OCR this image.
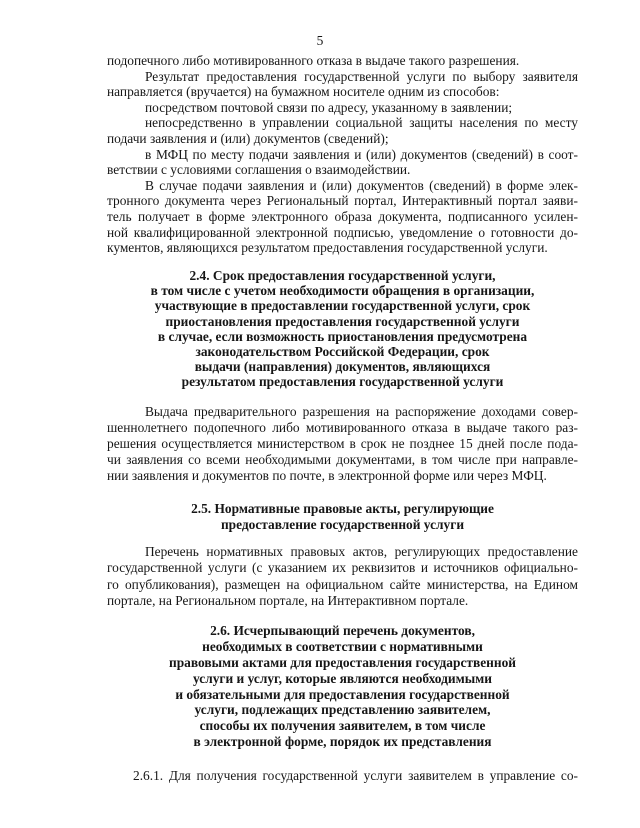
5
подопечного либо мотивированного отказа в выдаче такого разрешения.
Результат предоставления государственной услуги по выбору заявителя
направляется (вручается) на бумажном носителе одним из способов:
посредством почтовой связи по адресу, указанному в заявлении;
непосредственно в управлении социальной защиты населения по месту
подачи заявления и (или) документов (сведений);
в МФЦ по месту подачи заявления и (или) документов (сведений) в соот-
ветствии с условиями соглашения о взаимодействии.
В случае подачи заявления и (или) документов (сведений) в форме элек-
тронного документа через Региональный портал, Интерактивный портал заяви-
тель получает в форме электронного образа документа, подписанного усилен-
ной квалифицированной электронной подписью, уведомление о готовности до-
кументов, являющихся результатом предоставления государственной услуги.
2.4. Срок предоставления государственной услуги,
в том числе с учетом необходимости обращения в организации,
участвующие в предоставлении государственной услуги, срок
приостановления предоставления государственной услуги
в случае, если возможность приостановления предусмотрена
законодательством Российской Федерации, срок
выдачи (направления) документов, являющихся
результатом предоставления государственной услуги
Выдача предварительного разрешения на распоряжение доходами совер-
шеннолетнего подопечного либо мотивированного отказа в выдаче такого раз-
решения осуществляется министерством в срок не позднее 15 дней после пода-
чи заявления со всеми необходимыми документами, в том числе при направле-
нии заявления и документов по почте, в электронной форме или через МФЦ.
2.5. Нормативные правовые акты, регулирующие
предоставление государственной услуги
Перечень нормативных правовых актов, регулирующих предоставление
государственной услуги (с указанием их реквизитов и источников официально-
го опубликования), размещен на официальном сайте министерства, на Едином
портале, на Региональном портале, на Интерактивном портале.
2.6. Исчерпывающий перечень документов,
необходимых в соответствии с нормативными
правовыми актами для предоставления государственной
услуги и услуг, которые являются необходимыми
и обязательными для предоставления государственной
услуги, подлежащих представлению заявителем,
способы их получения заявителем, в том числе
в электронной форме, порядок их представления
2.6.1. Для получения государственной услуги заявителем в управление со-
